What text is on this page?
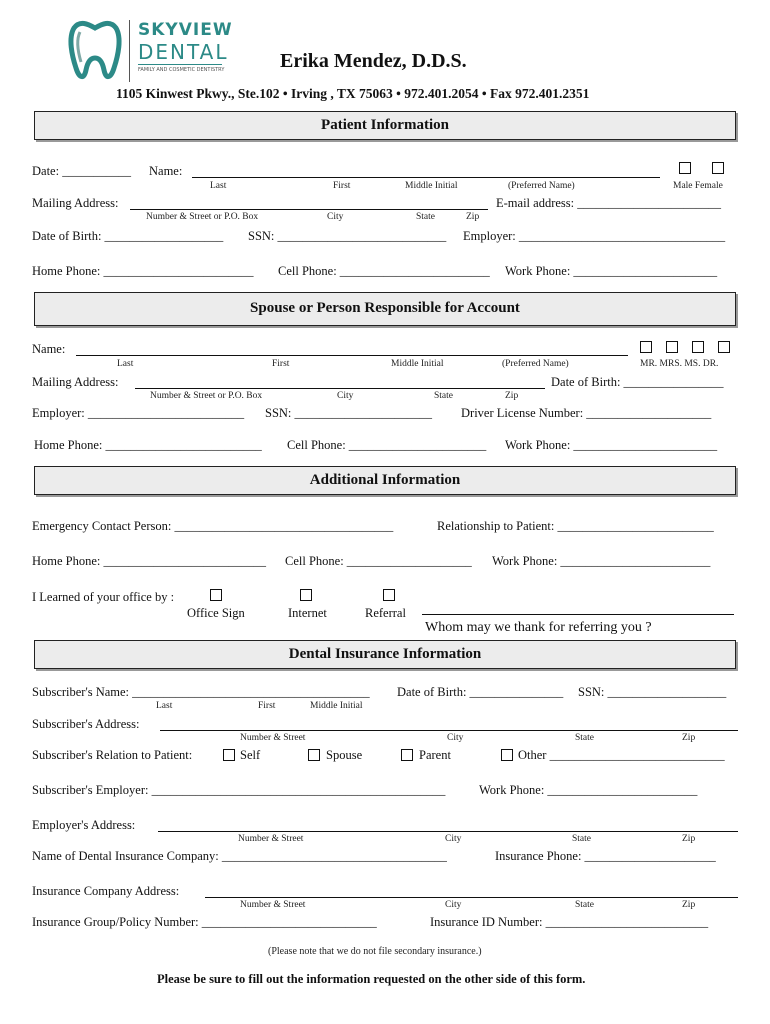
SKYVIEW
DENTAL
FAMILY AND COSMETIC DENTISTRY	Erika Mendez, D.D.S.
1105 Kinwest Pkwy., Ste.102 • Irving , TX 75063 • 972.401.2054 • Fax 972.401.2351
Patient Information
Date: ___________ Name:
Last	First	Middle Initial	(Preferred Name)	Male Female
Mailing Address:	E-mail address: _______________________
Number & Street or P.O. Box	City	State	Zip
Date of Birth: ___________________ SSN: ___________________________ Employer: _________________________________
Home Phone: ________________________ Cell Phone: ________________________ Work Phone: _______________________
Spouse or Person Responsible for Account
Name:
Last	First	Middle Initial	(Preferred Name)	MR. MRS. MS. DR.
Mailing Address:	Date of Birth: ________________
Number & Street or P.O. Box	City	State	Zip
Employer: _________________________ SSN: ______________________ Driver License Number: ____________________
Home Phone: _________________________ Cell Phone: ______________________ Work Phone: _______________________
Additional Information
Emergency Contact Person: ___________________________________	Relationship to Patient: _________________________
Home Phone: __________________________ Cell Phone: ____________________ Work Phone: ________________________
I Learned of your office by :
Office Sign	Internet	Referral
Whom may we thank for referring you ?
Dental Insurance Information
Subscriber's Name: ______________________________________ Date of Birth: _______________ SSN: ___________________
Last	First	Middle Initial
Subscriber's Address:
Number & Street	City	State	Zip
Subscriber's Relation to Patient:	Self	Spouse	Parent	Other ____________________________
Subscriber's Employer: _______________________________________________	Work Phone: ________________________
Employer's Address:
Number & Street	City	State	Zip
Name of Dental Insurance Company: ____________________________________	Insurance Phone: _____________________
Insurance Company Address:
Number & Street	City	State	Zip
Insurance Group/Policy Number: ____________________________	Insurance ID Number: __________________________
(Please note that we do not file secondary insurance.)
Please be sure to fill out the information requested on the other side of this form.
